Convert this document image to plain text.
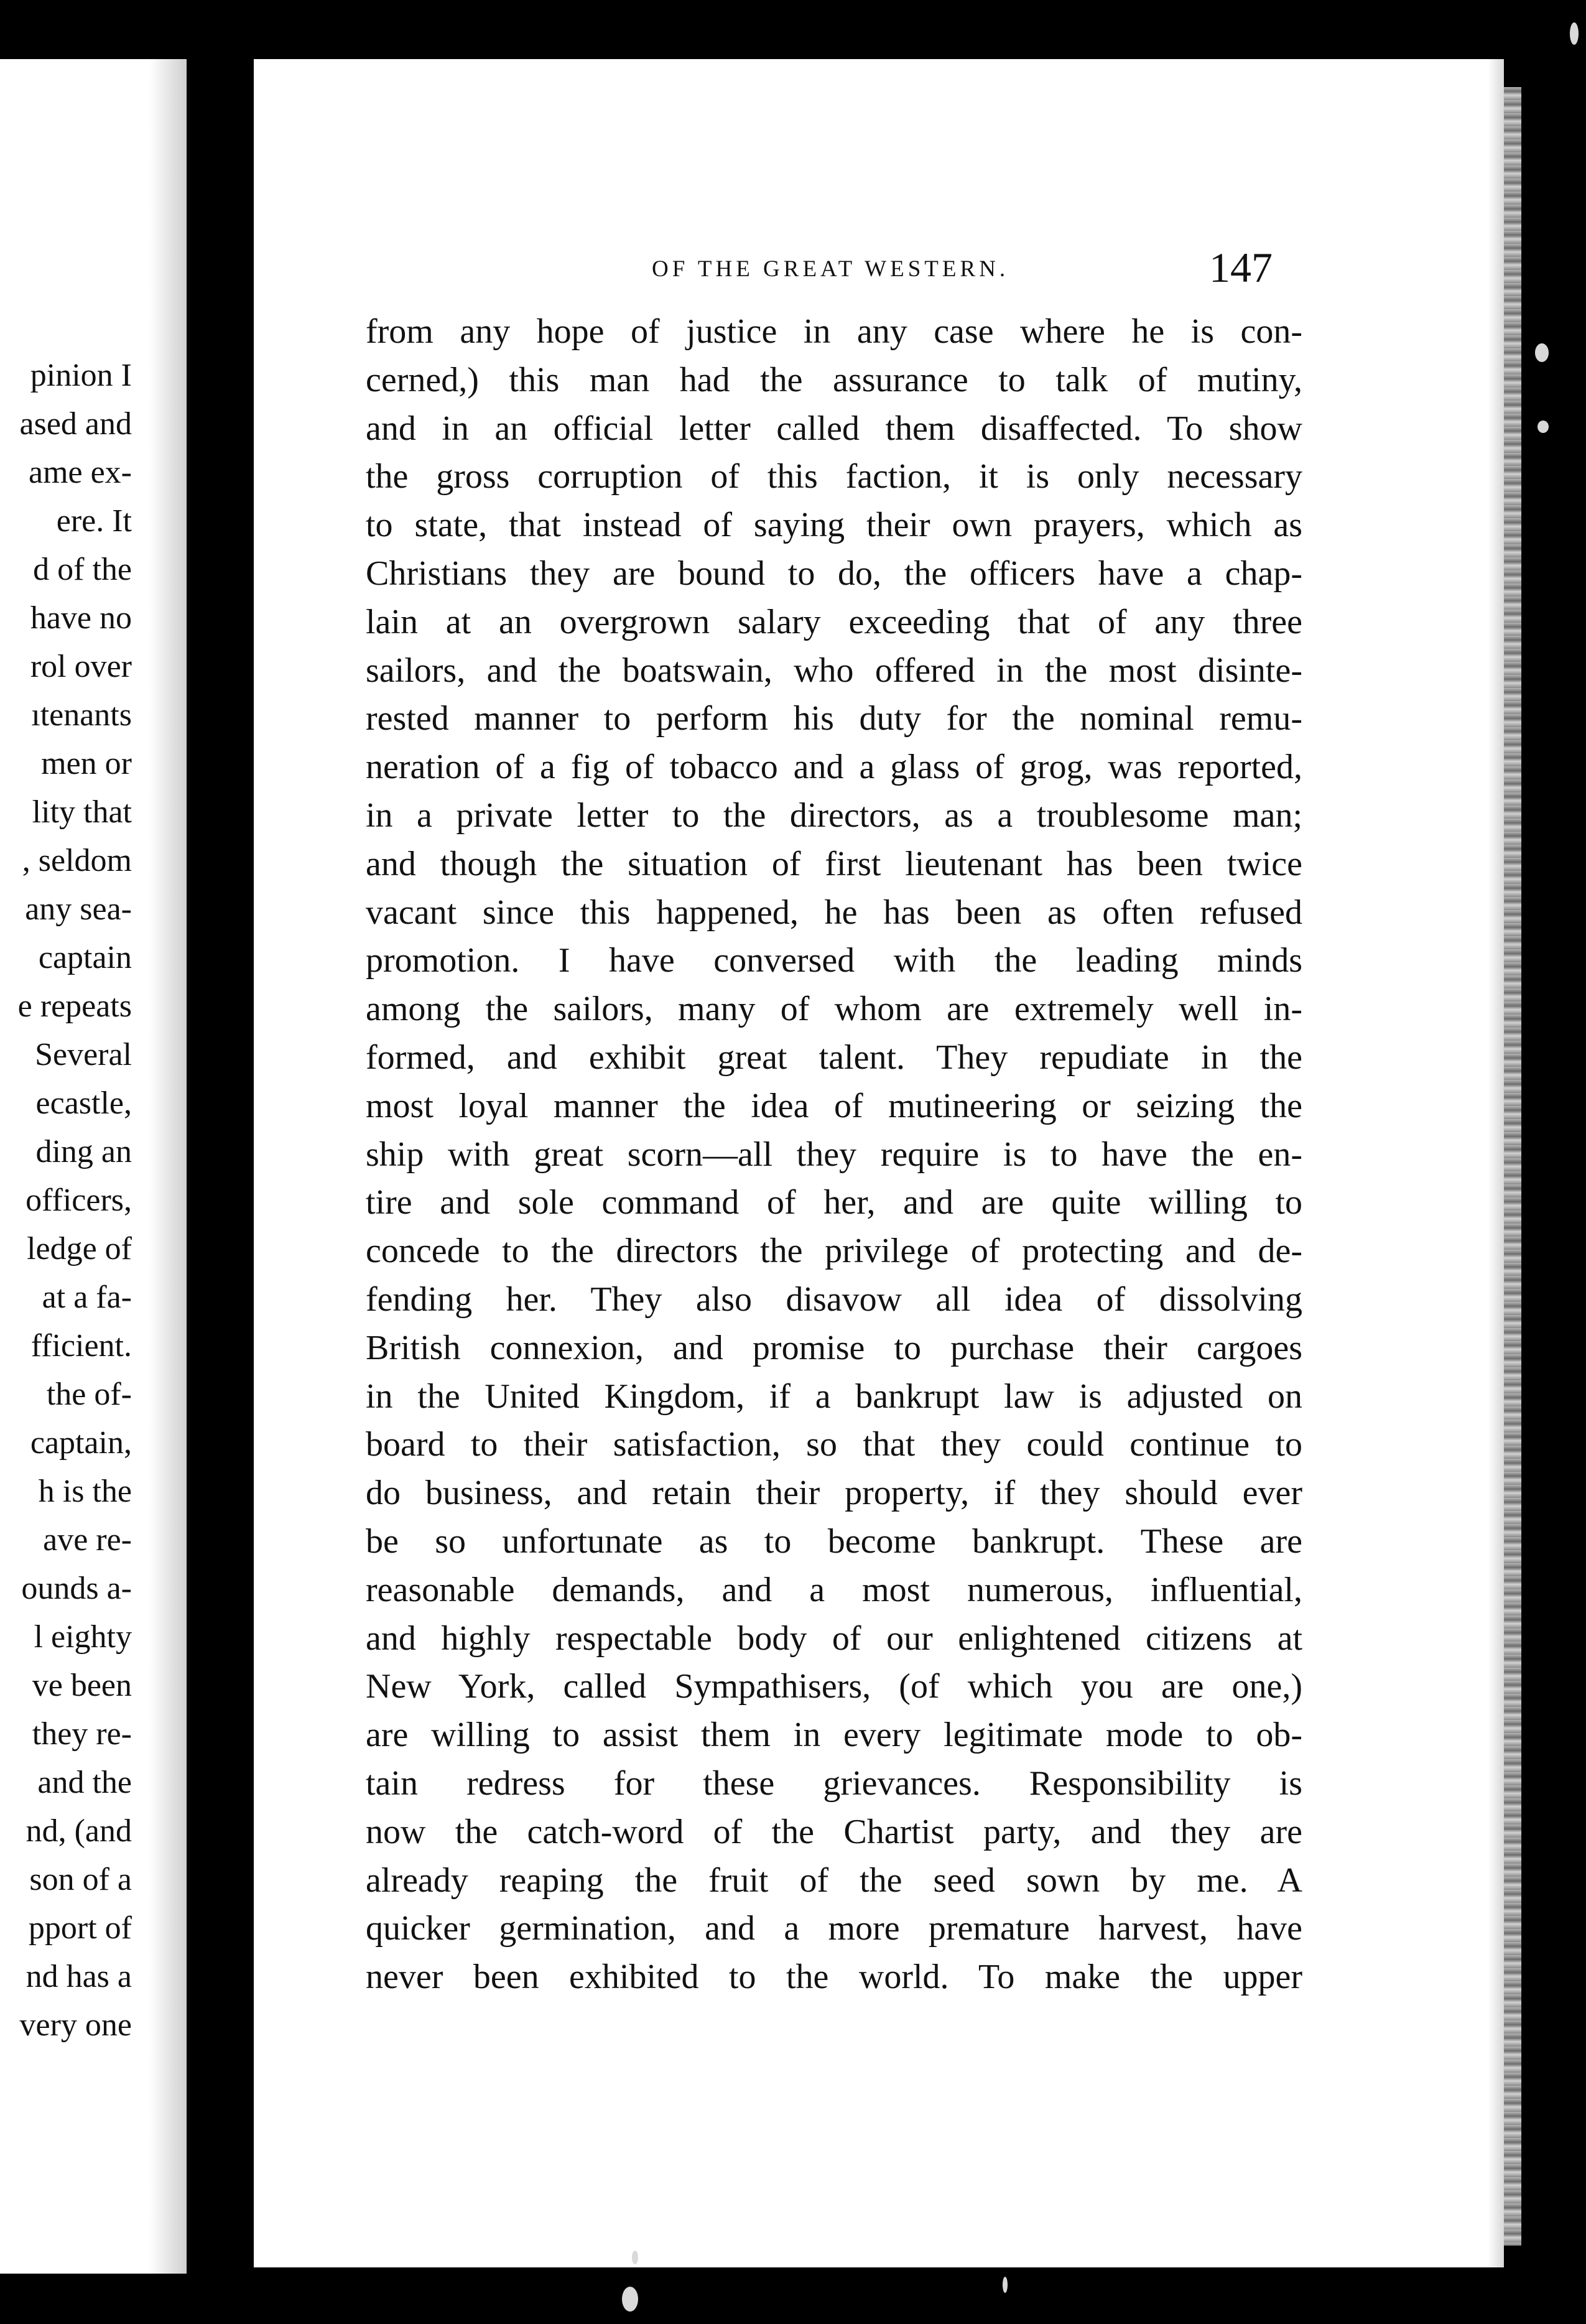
pinion I
ased and
ame ex-
ere. It
d of the
have no
rol over
ıtenants
men or
lity that
, seldom
any sea-
captain
e repeats
Several
ecastle,
ding an
officers,
ledge of
at a fa-
fficient.
the of-
captain,
h is the
ave re-
ounds a-
l eighty
ve been
they re-
and the
nd, (and
son of a
pport of
nd has a
very one
OF THE GREAT WESTERN.	147
from any hope of justice in any case where he is con-
cerned,) this man had the assurance to talk of mutiny,
and in an official letter called them disaffected. To show
the gross corruption of this faction, it is only necessary
to state, that instead of saying their own prayers, which as
Christians they are bound to do, the officers have a chap-
lain at an overgrown salary exceeding that of any three
sailors, and the boatswain, who offered in the most disinte-
rested manner to perform his duty for the nominal remu-
neration of a fig of tobacco and a glass of grog, was reported,
in a private letter to the directors, as a troublesome man;
and though the situation of first lieutenant has been twice
vacant since this happened, he has been as often refused
promotion. I have conversed with the leading minds
among the sailors, many of whom are extremely well in-
formed, and exhibit great talent. They repudiate in the
most loyal manner the idea of mutineering or seizing the
ship with great scorn—all they require is to have the en-
tire and sole command of her, and are quite willing to
concede to the directors the privilege of protecting and de-
fending her. They also disavow all idea of dissolving
British connexion, and promise to purchase their cargoes
in the United Kingdom, if a bankrupt law is adjusted on
board to their satisfaction, so that they could continue to
do business, and retain their property, if they should ever
be so unfortunate as to become bankrupt. These are
reasonable demands, and a most numerous, influential,
and highly respectable body of our enlightened citizens at
New York, called Sympathisers, (of which you are one,)
are willing to assist them in every legitimate mode to ob-
tain redress for these grievances. Responsibility is
now the catch-word of the Chartist party, and they are
already reaping the fruit of the seed sown by me. A
quicker germination, and a more premature harvest, have
never been exhibited to the world. To make the upper
